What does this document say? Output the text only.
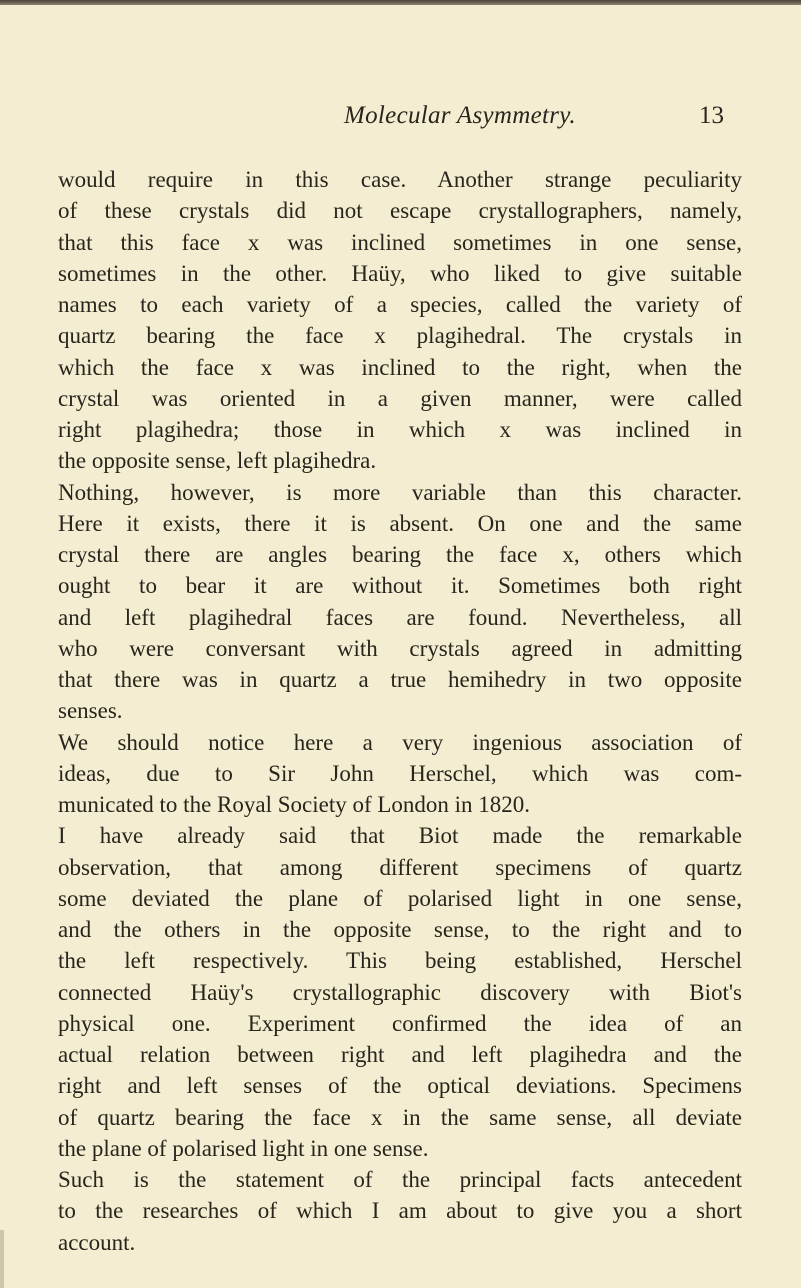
Molecular Asymmetry.	13
would require in this case. Another strange peculiarity
of these crystals did not escape crystallographers, namely,
that this face x was inclined sometimes in one sense,
sometimes in the other. Haüy, who liked to give suitable
names to each variety of a species, called the variety of
quartz bearing the face x plagihedral. The crystals in
which the face x was inclined to the right, when the
crystal was oriented in a given manner, were called
right plagihedra; those in which x was inclined in
the opposite sense, left plagihedra.
Nothing, however, is more variable than this character.
Here it exists, there it is absent. On one and the same
crystal there are angles bearing the face x, others which
ought to bear it are without it. Sometimes both right
and left plagihedral faces are found. Nevertheless, all
who were conversant with crystals agreed in admitting
that there was in quartz a true hemihedry in two opposite
senses.
We should notice here a very ingenious association of
ideas, due to Sir John Herschel, which was com-
municated to the Royal Society of London in 1820.
I have already said that Biot made the remarkable
observation, that among different specimens of quartz
some deviated the plane of polarised light in one sense,
and the others in the opposite sense, to the right and to
the left respectively. This being established, Herschel
connected Haüy's crystallographic discovery with Biot's
physical one. Experiment confirmed the idea of an
actual relation between right and left plagihedra and the
right and left senses of the optical deviations. Specimens
of quartz bearing the face x in the same sense, all deviate
the plane of polarised light in one sense.
Such is the statement of the principal facts antecedent
to the researches of which I am about to give you a short
account.
